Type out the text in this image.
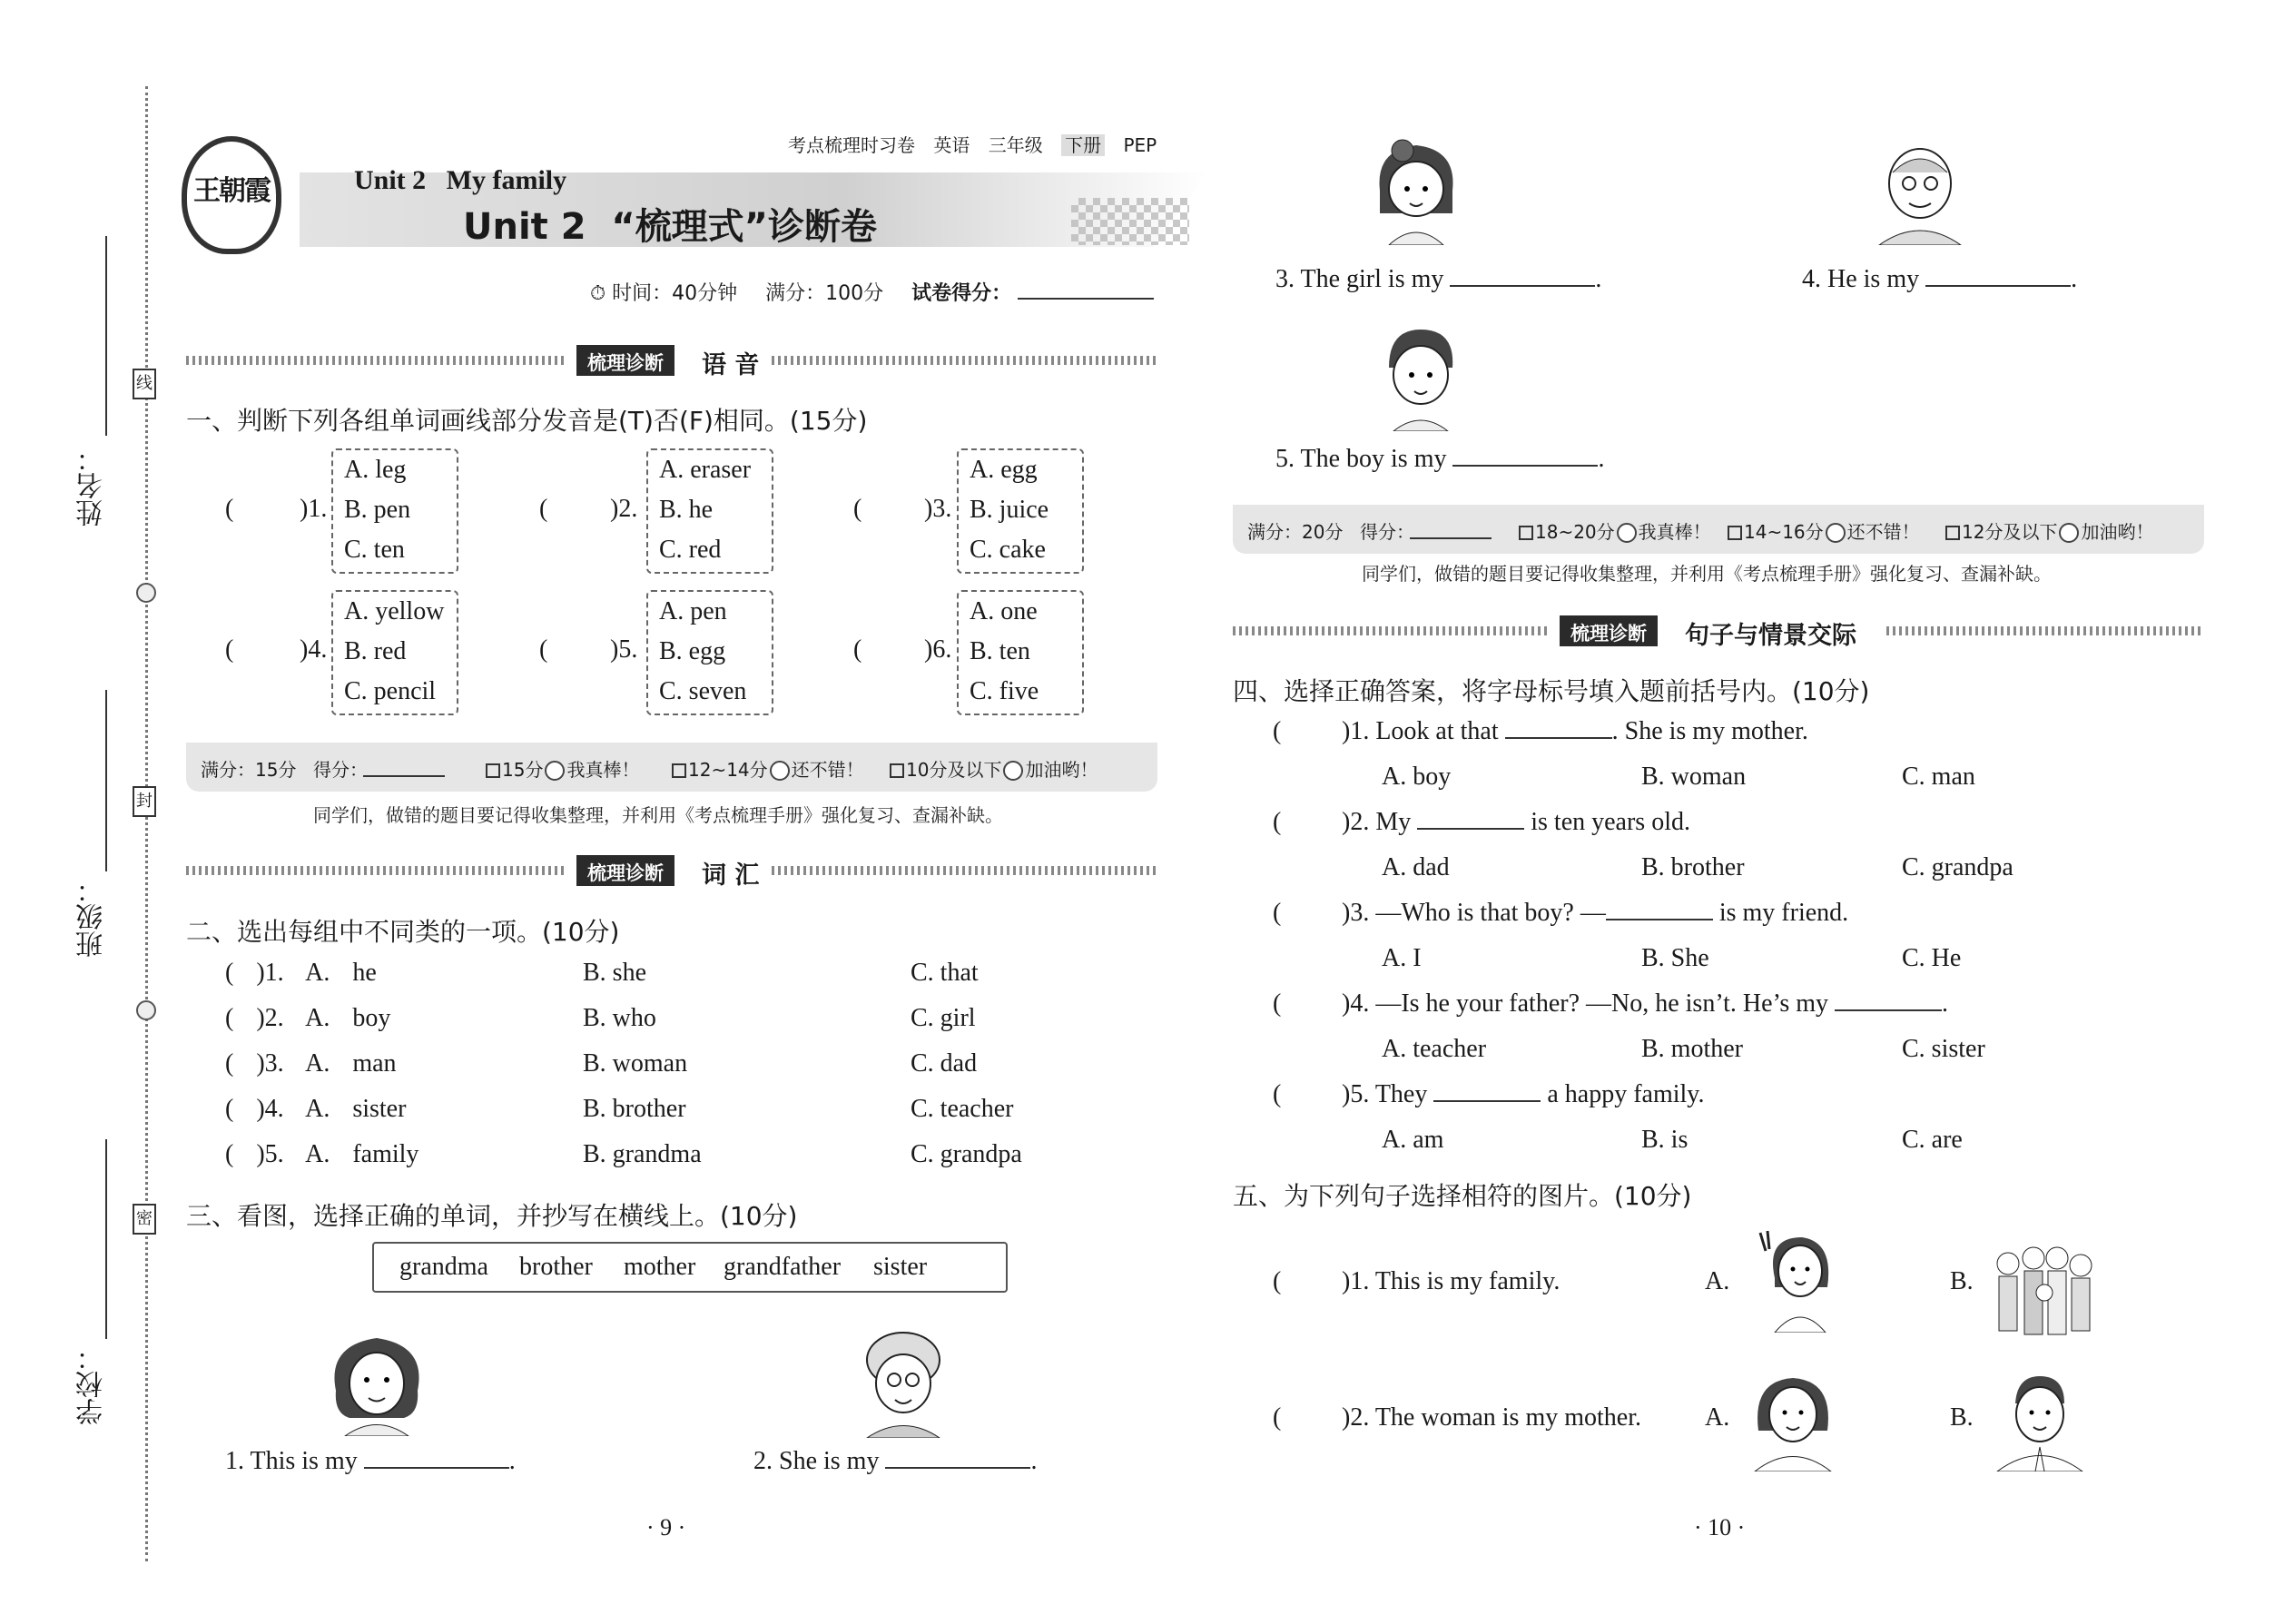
姓名：
班级：
学校：
线
封
密
王朝霞	Unit 2   My family
Unit 2  “梳理式”诊断卷
考点梳理时习卷 英语 三年级 下册 PEP
⏱ 时间：40分钟 满分：100分 试卷得分：
梳理诊断	语 音
一、判断下列各组单词画线部分发音是(T)否(F)相同。(15分)
(	)1.
A. leg
B. pen
C. ten
( )2.
A. eraser
B. he
C. red
( )3.
A. egg
B. juice
C. cake
(	)4.
A. yellow
B. red
C. pencil
( )5.
A. pen
B. egg
C. seven
( )6.
A. one
B. ten
C. five
满分：15分 得分：	15分 我真棒！	12~14分 还不错！	10分及以下 加油哟！
同学们，做错的题目要记得收集整理，并利用《考点梳理手册》强化复习、查漏补缺。
梳理诊断	词 汇
二、选出每组中不同类的一项。(10分)
( )1. A. he	B. she	C. that
( )2. A. boy	B. who	C. girl
( )3. A. man	B. woman	C. dad
( )4. A. sister	B. brother	C. teacher
( )5. A. family	B. grandma	C. grandpa
三、看图，选择正确的单词，并抄写在横线上。(10分)
grandma brother mother grandfather sister
1. This is my	.	2. She is my	.
· 9 ·
3. The girl is my	.	4. He is my	.
5. The boy is my	.
满分：20分 得分：	18~20分 我真棒！	14~16分 还不错！	12分及以下 加油哟！
同学们，做错的题目要记得收集整理，并利用《考点梳理手册》强化复习、查漏补缺。
梳理诊断	句子与情景交际
四、选择正确答案，将字母标号填入题前括号内。(10分)
( )1. Look at that	. She is my mother.
A. boy	B. woman	C. man
( )2. My	is ten years old.
A. dad	B. brother	C. grandpa
( )3. —Who is that boy? —	is my friend.
A. I	B. She	C. He
( )4. —Is he your father? —No, he isn’t. He’s my	.
A. teacher	B. mother	C. sister
( )5. They	a happy family.
A. am	B. is	C. are
五、为下列句子选择相符的图片。(10分)
( )1. This is my family.	A.	B.
( )2. The woman is my mother.	A.	B.
· 10 ·
